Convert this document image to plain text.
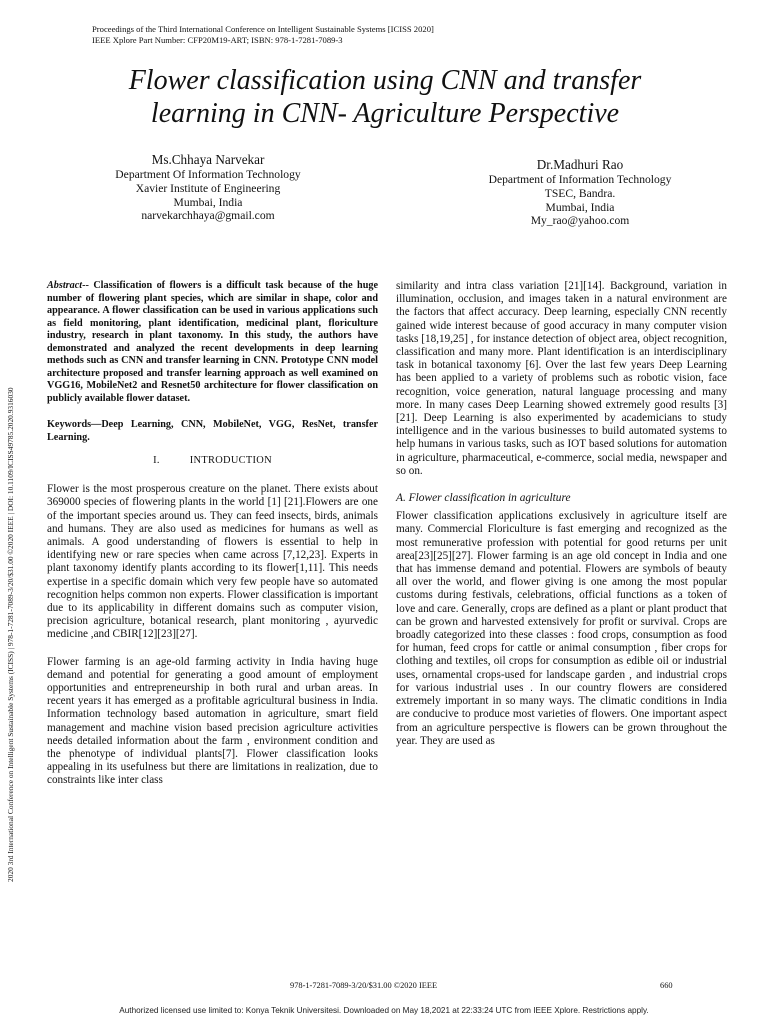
Proceedings of the Third International Conference on Intelligent Sustainable Systems [ICISS 2020]
IEEE Xplore Part Number: CFP20M19-ART; ISBN: 978-1-7281-7089-3
2020 3rd International Conference on Intelligent Sustainable Systems (ICISS) | 978-1-7281-7089-3/20/$31.00 ©2020 IEEE | DOI: 10.1109/ICISS49785.2020.9316030
Flower classification using CNN and transfer
learning in CNN- Agriculture Perspective
Ms.Chhaya Narvekar
Department Of Information Technology
Xavier Institute of Engineering
Mumbai, India
narvekarchhaya@gmail.com
Dr.Madhuri Rao
Department of Information Technology
TSEC, Bandra.
Mumbai, India
My_rao@yahoo.com

Abstract-- Classification of flowers is a difficult task because of the huge number of flowering plant species, which are similar in shape, color and appearance. A flower classification can be used in various applications such as field monitoring, plant identification, medicinal plant, floriculture industry, research in plant taxonomy. In this study, the authors have demonstrated and analyzed the recent developments in deep learning methods such as CNN and transfer learning in CNN. Prototype CNN model architecture proposed and transfer learning approach as well examined on VGG16, MobileNet2 and Resnet50 architecture for flower classification on publicly available flower dataset.

Keywords—Deep Learning, CNN, MobileNet, VGG, ResNet, transfer Learning.

I.	INTRODUCTION

Flower is the most prosperous creature on the planet. There exists about 369000 species of flowering plants in the world [1] [21].Flowers are one of the important species around us. They can feed insects, birds, animals and humans. They are also used as medicines for humans as well as animals. A good understanding of flowers is essential to help in identifying new or rare species when came across [7,12,23]. Experts in plant taxonomy identify plants according to its flower[1,11]. This needs expertise in a specific domain which very few people have so automated recognition helps common non experts. Flower classification is important due to its applicability in different domains such as computer vision, precision agriculture, botanical research, plant monitoring , ayurvedic medicine ,and CBIR[12][23][27].

Flower farming is an age-old farming activity in India having huge demand and potential for generating a good amount of employment opportunities and entrepreneurship in both rural and urban areas. In recent years it has emerged as a profitable agricultural business in India. Information technology based automation in agriculture, smart field management and machine vision based precision agriculture activities needs detailed information about the farm , environment condition and the phenotype of individual plants[7]. Flower classification looks appealing in its usefulness but there are limitations in realization, due to constraints like inter class

similarity and intra class variation [21][14]. Background, variation in illumination, occlusion, and images taken in a natural environment are the factors that affect accuracy. Deep learning, especially CNN recently gained wide interest because of good accuracy in many computer vision tasks [18,19,25] , for instance detection of object area, object recognition, classification and many more. Plant identification is an interdisciplinary task in botanical taxonomy [6]. Over the last few years Deep Learning has been applied to a variety of problems such as robotic vision, face recognition, voice generation, natural language processing and many more. In many cases Deep Learning showed extremely good results [3] [21]. Deep Learning is also experimented by academicians to study intelligence and in the various businesses to build automated systems to help humans in various tasks, such as IOT based solutions for automation in agriculture, pharmaceutical, e-commerce, social media, newspaper and so on.

A. Flower classification in agriculture

Flower classification applications exclusively in agriculture itself are many. Commercial Floriculture is fast emerging and recognized as the most remunerative profession with potential for good returns per unit area[23][25][27]. Flower farming is an age old concept in India and one that has immense demand and potential. Flowers are symbols of beauty all over the world, and flower giving is one among the most popular customs during festivals, celebrations, official functions as a token of love and care. Generally, crops are defined as a plant or plant product that can be grown and harvested extensively for profit or survival. Crops are broadly categorized into these classes : food crops, consumption as food for human, feed crops for cattle or animal consumption , fiber crops for clothing and textiles, oil crops for consumption as edible oil or industrial uses, ornamental crops-used for landscape garden , and industrial crops for various industrial uses . In our country flowers are considered extremely important in so many ways. The climatic conditions in India are conducive to produce most varieties of flowers. One important aspect from an agriculture perspective is flowers can be grown throughout the year. They are used as

978-1-7281-7089-3/20/$31.00 ©2020 IEEE	660
Authorized licensed use limited to: Konya Teknik Universitesi. Downloaded on May 18,2021 at 22:33:24 UTC from IEEE Xplore. Restrictions apply.
